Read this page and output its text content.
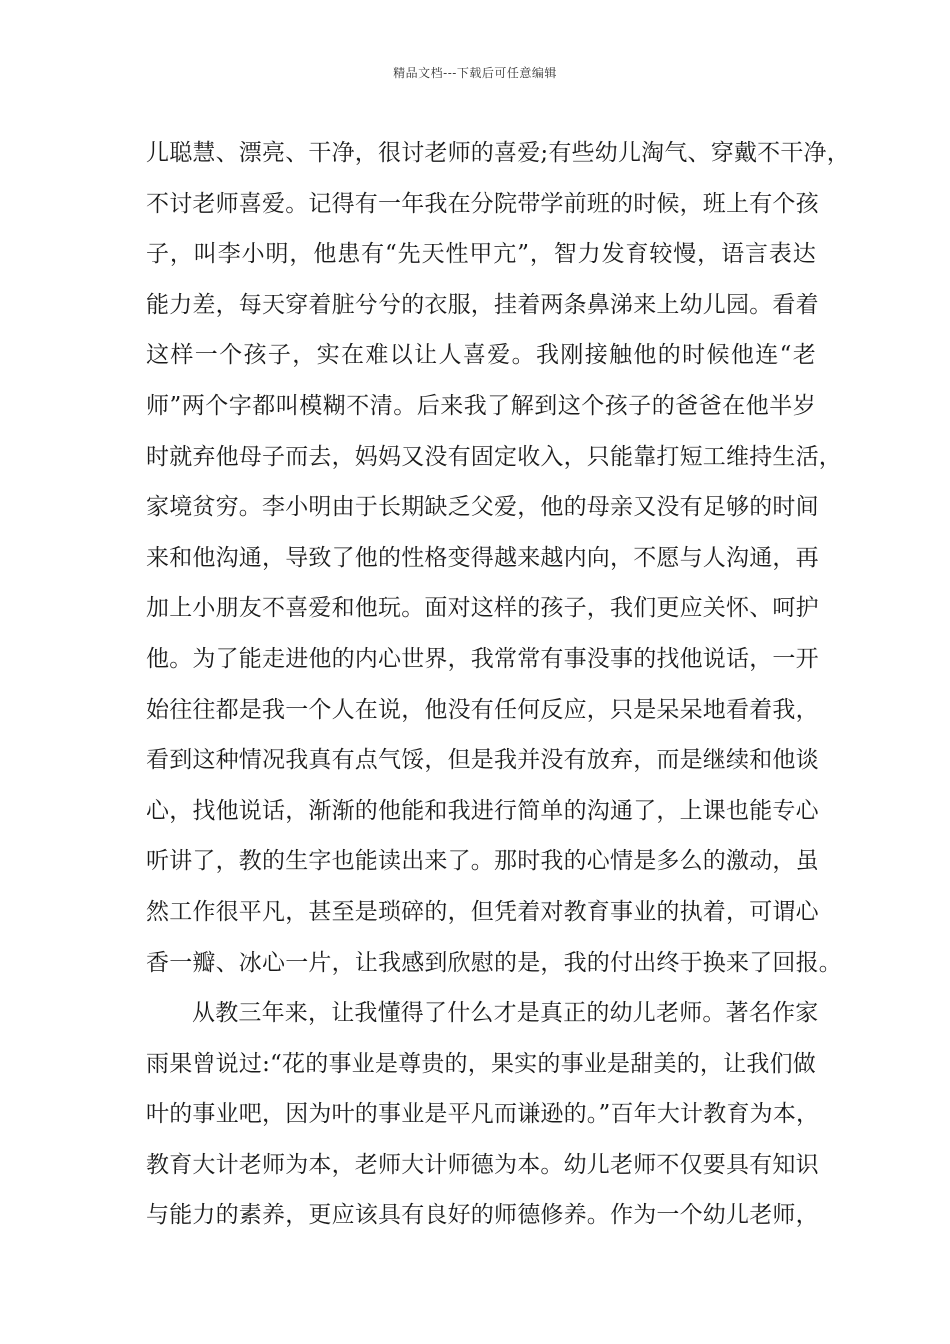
精品文档---下载后可任意编辑
儿聪慧、漂亮、干净，很讨老师的喜爱;有些幼儿淘气、穿戴不干净，
不讨老师喜爱。记得有一年我在分院带学前班的时候，班上有个孩
子，叫李小明，他患有“先天性甲亢”，智力发育较慢，语言表达
能力差，每天穿着脏兮兮的衣服，挂着两条鼻涕来上幼儿园。看着
这样一个孩子，实在难以让人喜爱。我刚接触他的时候他连“老
师”两个字都叫模糊不清。后来我了解到这个孩子的爸爸在他半岁
时就弃他母子而去，妈妈又没有固定收入，只能靠打短工维持生活，
家境贫穷。李小明由于长期缺乏父爱，他的母亲又没有足够的时间
来和他沟通，导致了他的性格变得越来越内向，不愿与人沟通，再
加上小朋友不喜爱和他玩。面对这样的孩子，我们更应关怀、呵护
他。为了能走进他的内心世界，我常常有事没事的找他说话，一开
始往往都是我一个人在说，他没有任何反应，只是呆呆地看着我，
看到这种情况我真有点气馁，但是我并没有放弃，而是继续和他谈
心，找他说话，渐渐的他能和我进行简单的沟通了，上课也能专心
听讲了，教的生字也能读出来了。那时我的心情是多么的激动，虽
然工作很平凡，甚至是琐碎的，但凭着对教育事业的执着，可谓心
香一瓣、冰心一片，让我感到欣慰的是，我的付出终于换来了回报。
从教三年来，让我懂得了什么才是真正的幼儿老师。著名作家
雨果曾说过:“花的事业是尊贵的，果实的事业是甜美的，让我们做
叶的事业吧，因为叶的事业是平凡而谦逊的。”百年大计教育为本，
教育大计老师为本，老师大计师德为本。幼儿老师不仅要具有知识
与能力的素养，更应该具有良好的师德修养。作为一个幼儿老师，
